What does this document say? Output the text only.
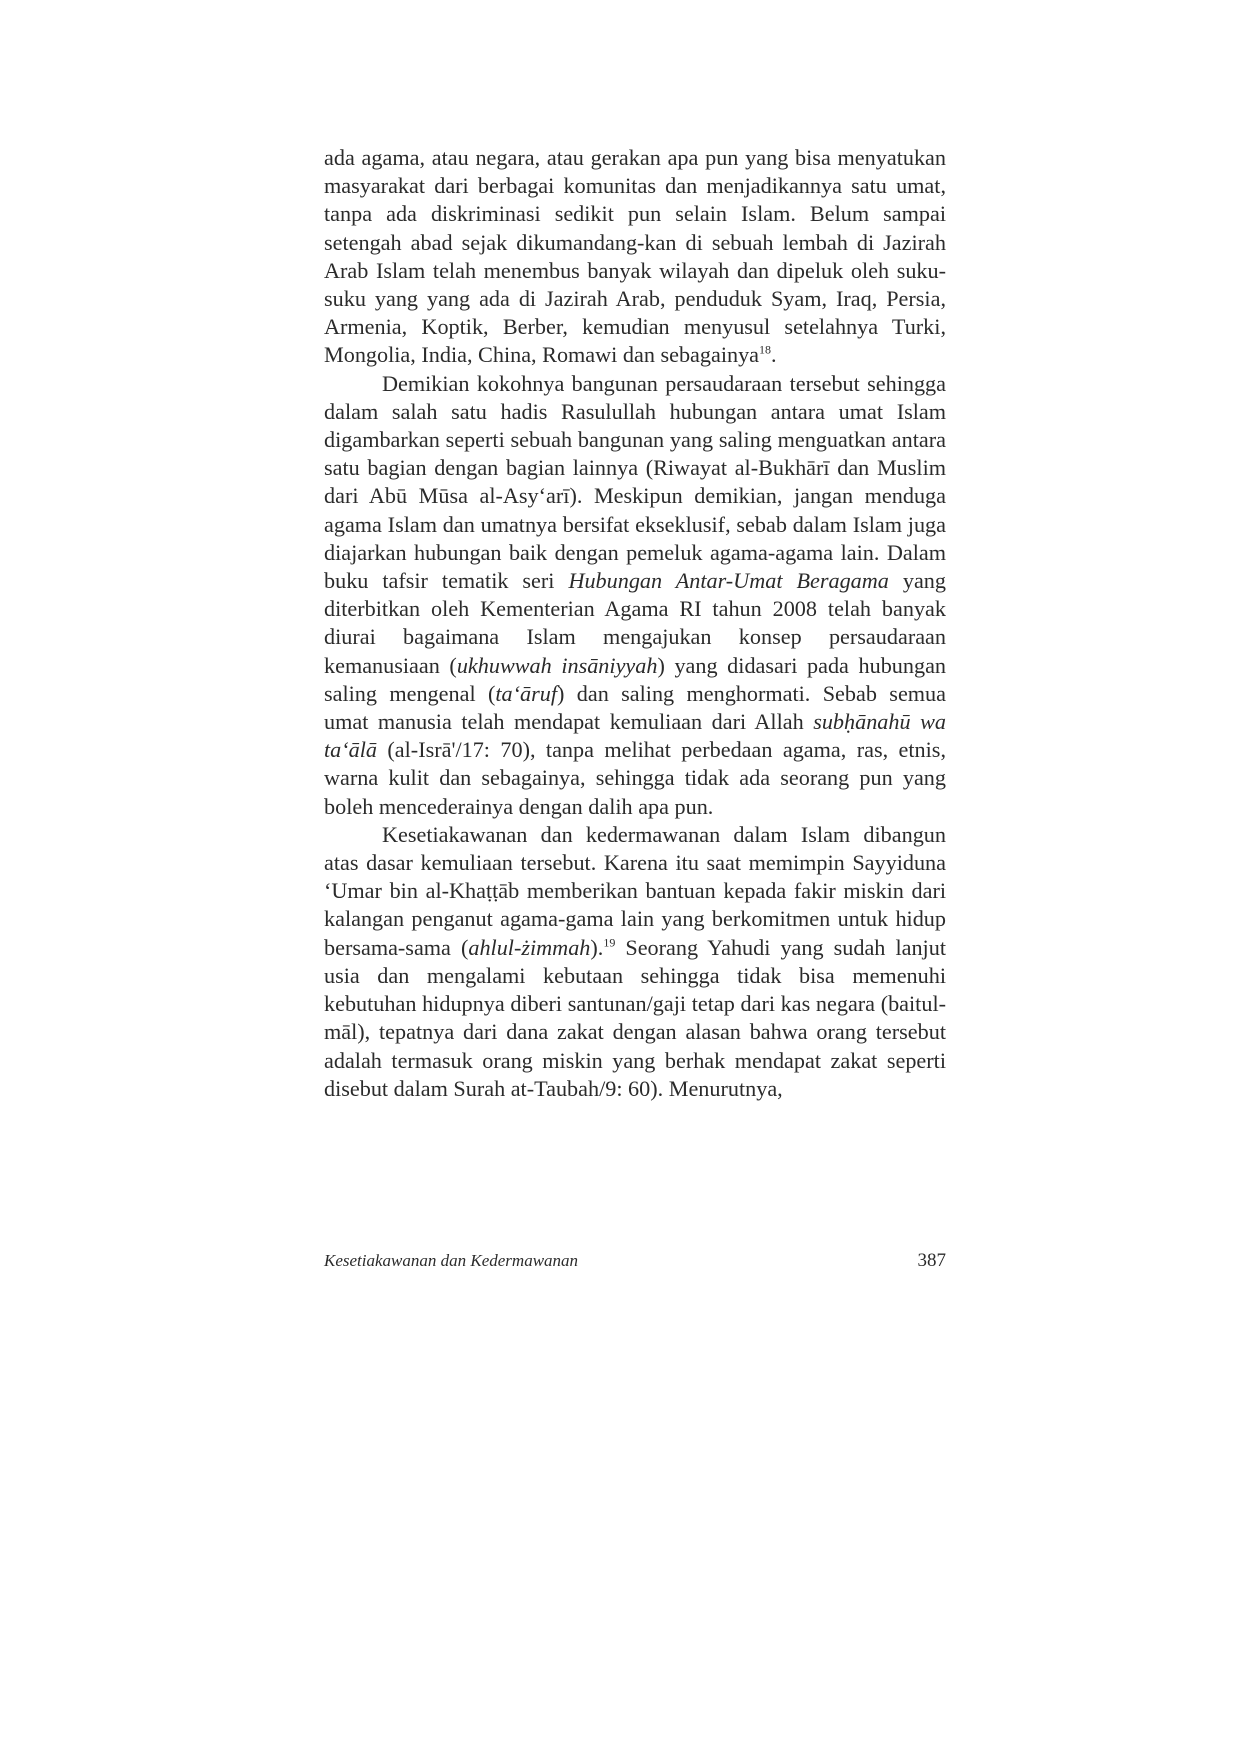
ada agama, atau negara, atau gerakan apa pun yang bisa menyatukan masyarakat dari berbagai komunitas dan menjadikannya satu umat, tanpa ada diskriminasi sedikit pun selain Islam. Belum sampai setengah abad sejak dikumandang-kan di sebuah lembah di Jazirah Arab Islam telah menembus banyak wilayah dan dipeluk oleh suku-suku yang yang ada di Jazirah Arab, penduduk Syam, Iraq, Persia, Armenia, Koptik, Berber, kemudian menyusul setelahnya Turki, Mongolia, India, China, Romawi dan sebagainya$^{18}$.

Demikian kokohnya bangunan persaudaraan tersebut sehingga dalam salah satu hadis Rasulullah hubungan antara umat Islam digambarkan seperti sebuah bangunan yang saling menguatkan antara satu bagian dengan bagian lainnya (Riwayat al-Bukhārī dan Muslim dari Abū Mūsa al-Asy‘arī). Meskipun demikian, jangan menduga agama Islam dan umatnya bersifat ekseklusif, sebab dalam Islam juga diajarkan hubungan baik dengan pemeluk agama-agama lain. Dalam buku tafsir tematik seri Hubungan Antar-Umat Beragama yang diterbitkan oleh Kementerian Agama RI tahun 2008 telah banyak diurai bagaimana Islam mengajukan konsep persaudaraan kemanusiaan (ukhuwwah insāniyyah) yang didasari pada hubungan saling mengenal (ta‘āruf) dan saling menghormati. Sebab semua umat manusia telah mendapat kemuliaan dari Allah subḥānahū wa ta‘ālā (al-Isrā'/17: 70), tanpa melihat perbedaan agama, ras, etnis, warna kulit dan sebagainya, sehingga tidak ada seorang pun yang boleh mencederainya dengan dalih apa pun.

Kesetiakawanan dan kedermawanan dalam Islam dibangun atas dasar kemuliaan tersebut. Karena itu saat memimpin Sayyiduna ‘Umar bin al-Khaṭṭāb memberikan bantuan kepada fakir miskin dari kalangan penganut agama-gama lain yang berkomitmen untuk hidup bersama-sama (ahlul-żimmah).$^{19}$ Seorang Yahudi yang sudah lanjut usia dan mengalami kebutaan sehingga tidak bisa memenuhi kebutuhan hidupnya diberi santunan/gaji tetap dari kas negara (baitul-māl), tepatnya dari dana zakat dengan alasan bahwa orang tersebut adalah termasuk orang miskin yang berhak mendapat zakat seperti disebut dalam Surah at-Taubah/9: 60). Menurutnya,

Kesetiakawanan dan Kedermawanan	387
